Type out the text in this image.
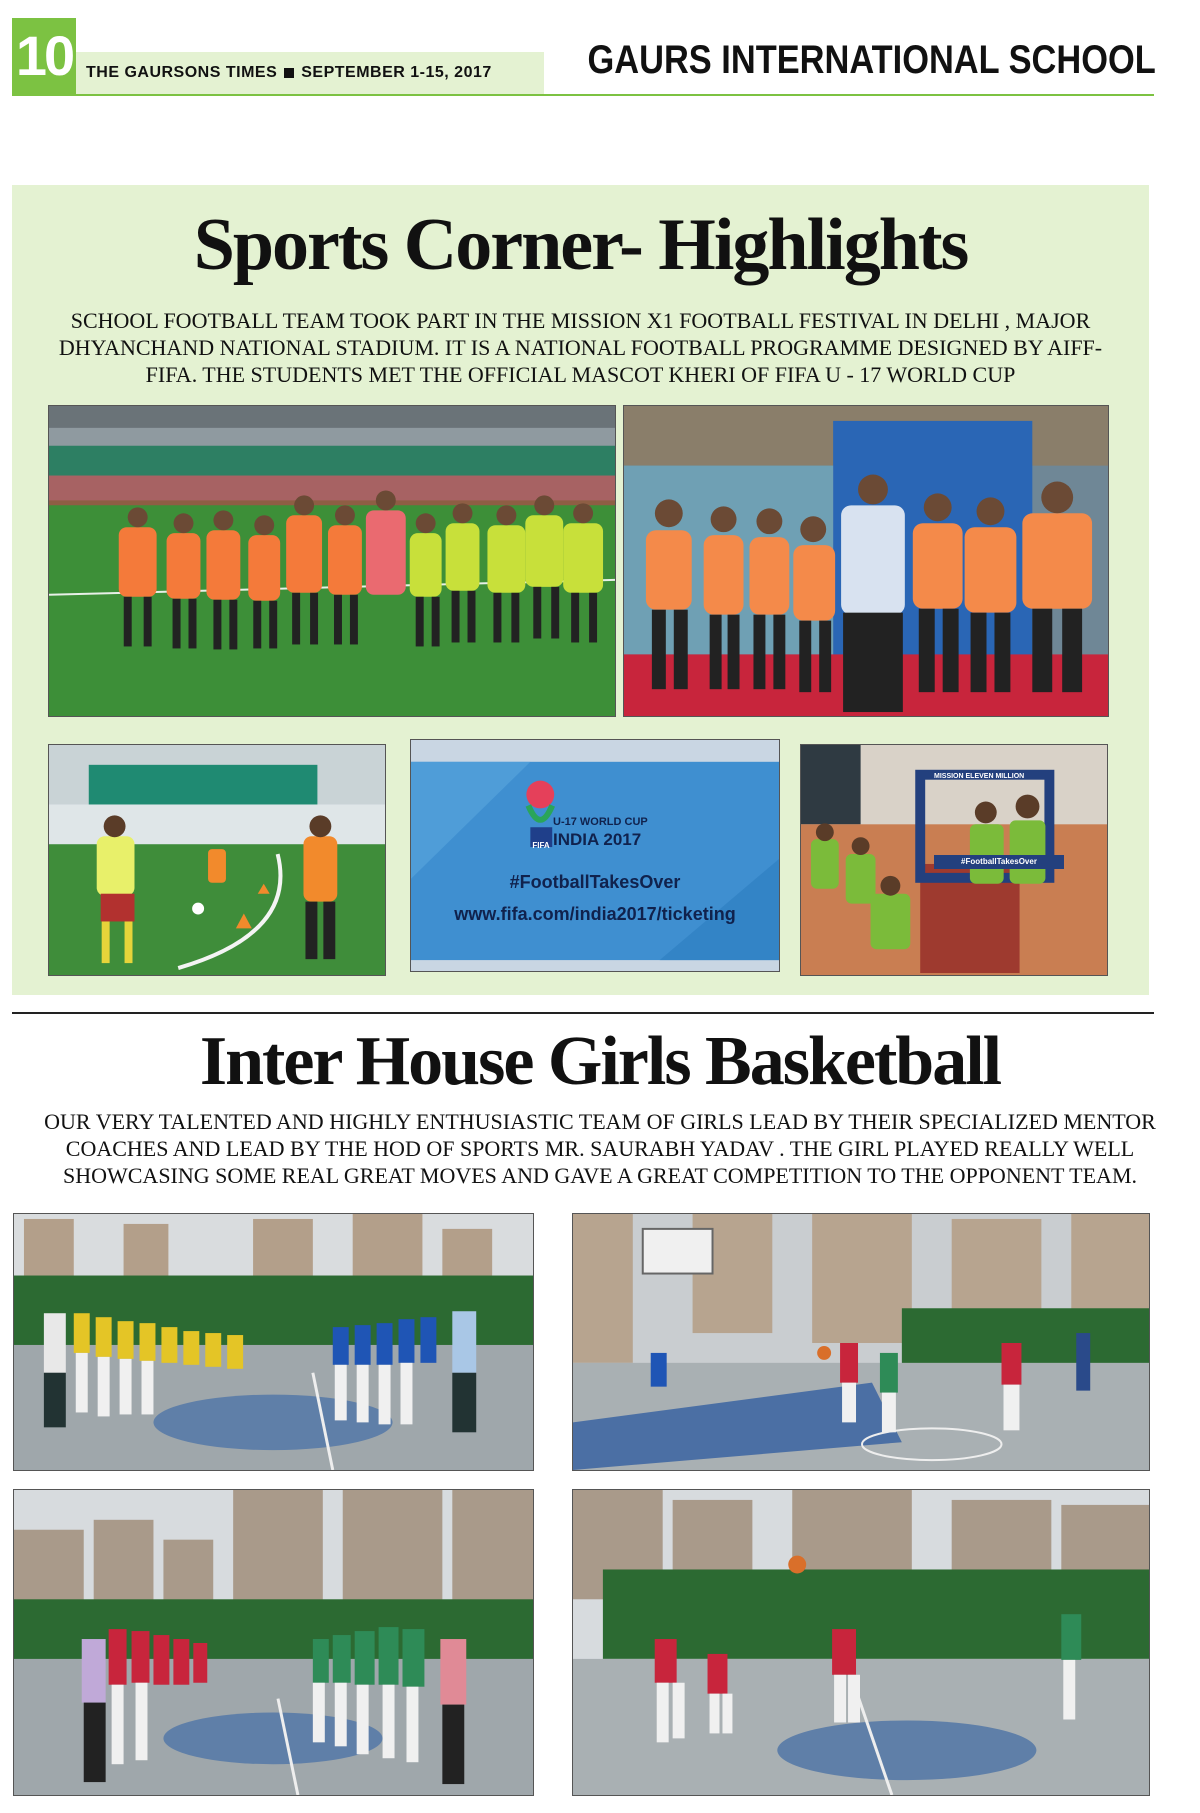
10 THE GAURSONS TIMES SEPTEMBER 1-15, 2017 GAURS INTERNATIONAL SCHOOL
Sports Corner- Highlights
SCHOOL FOOTBALL TEAM TOOK PART IN THE MISSION X1 FOOTBALL FESTIVAL IN DELHI , MAJOR DHYANCHAND NATIONAL STADIUM. IT IS A NATIONAL FOOTBALL PROGRAMME DESIGNED BY AIFF-FIFA. THE STUDENTS MET THE OFFICIAL MASCOT KHERI OF FIFA U - 17 WORLD CUP
U-17 WORLD CUP
INDIA 2017
FIFA
#FootballTakesOver
www.fifa.com/india2017/ticketing
MISSION ELEVEN MILLION
#FootballTakesOver
Inter House Girls Basketball
OUR VERY TALENTED AND HIGHLY ENTHUSIASTIC TEAM OF GIRLS LEAD BY THEIR SPECIALIZED MENTOR COACHES AND LEAD BY THE HOD OF SPORTS MR. SAURABH YADAV . THE GIRL PLAYED REALLY WELL SHOWCASING SOME REAL GREAT MOVES AND GAVE A GREAT COMPETITION TO THE OPPONENT TEAM.
